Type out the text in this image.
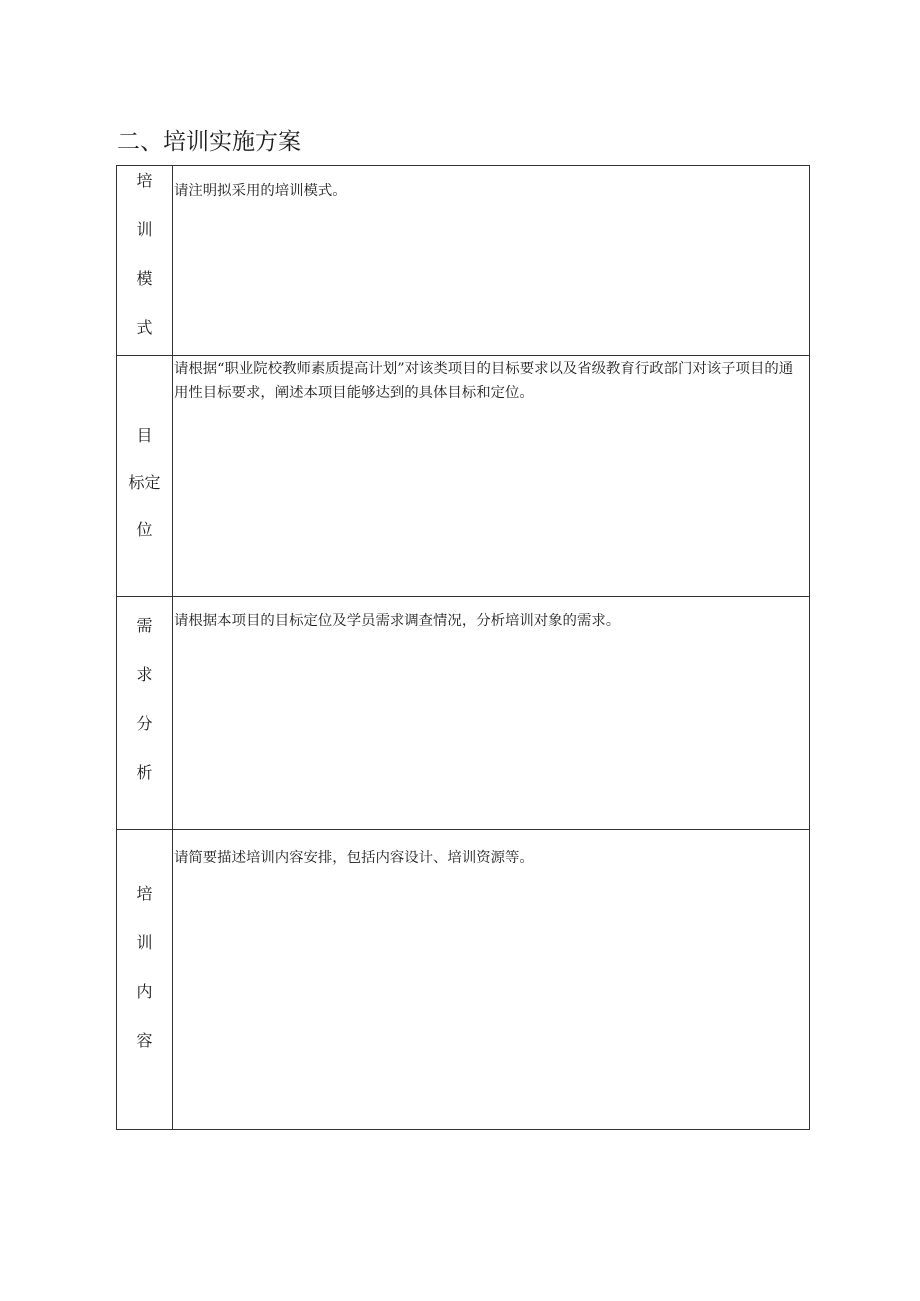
二、培训实施方案
培
训
模
式	请注明拟采用的培训模式。

目
标定
位	请根据“职业院校教师素质提高计划”对该类项目的目标要求以及省级教育行政部门对该子项目的通用性目标要求，阐述本项目能够达到的具体目标和定位。

需
求
分
析	请根据本项目的目标定位及学员需求调查情况，分析培训对象的需求。

培
训
内
容	请简要描述培训内容安排，包括内容设计、培训资源等。
